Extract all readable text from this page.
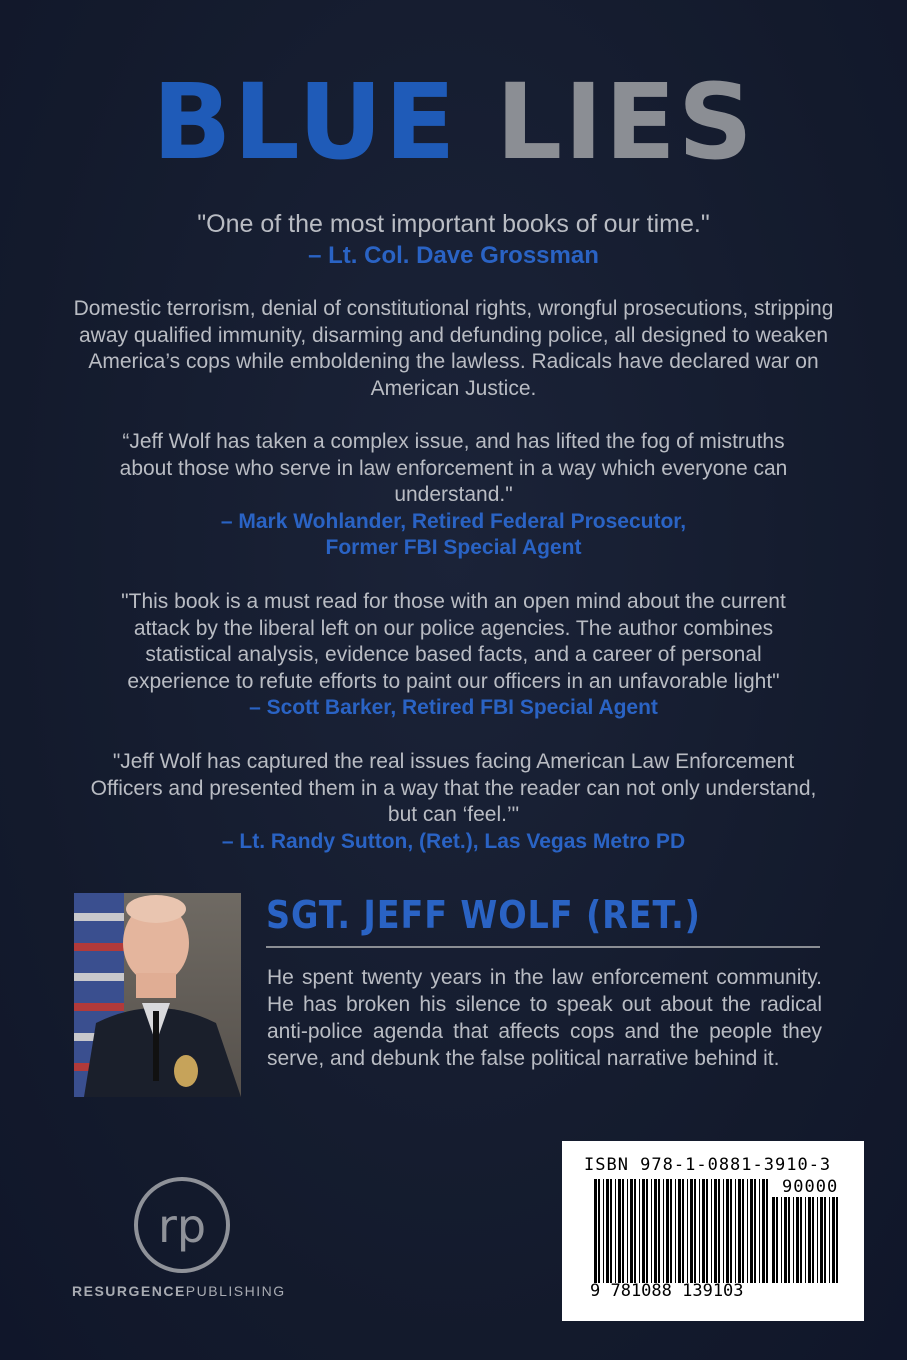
BLUE LIES
"One of the most important books of our time."
– Lt. Col. Dave Grossman
Domestic terrorism, denial of constitutional rights, wrongful prosecutions, stripping away qualified immunity, disarming and defunding police, all designed to weaken America’s cops while emboldening the lawless. Radicals have declared war on American Justice.
“Jeff Wolf has taken a complex issue, and has lifted the fog of mistruths about those who serve in law enforcement in a way which everyone can understand."
– Mark Wohlander, Retired Federal Prosecutor,
Former FBI Special Agent
"This book is a must read for those with an open mind about the current attack by the liberal left on our police agencies. The author combines statistical analysis, evidence based facts, and a career of personal experience to refute efforts to paint our officers in an unfavorable light"
– Scott Barker, Retired FBI Special Agent
"Jeff Wolf has captured the real issues facing American Law Enforcement Officers and presented them in a way that the reader can not only understand, but can ‘feel.’"
– Lt. Randy Sutton, (Ret.), Las Vegas Metro PD
SGT. JEFF WOLF (RET.)
He spent twenty years in the law enforcement community. He has broken his silence to speak out about the radical anti-police agenda that affects cops and the people they serve, and debunk the false political narrative behind it.
rp
RESURGENCEPUBLISHING
ISBN 978-1-0881-3910-3
90000
9 781088 139103
